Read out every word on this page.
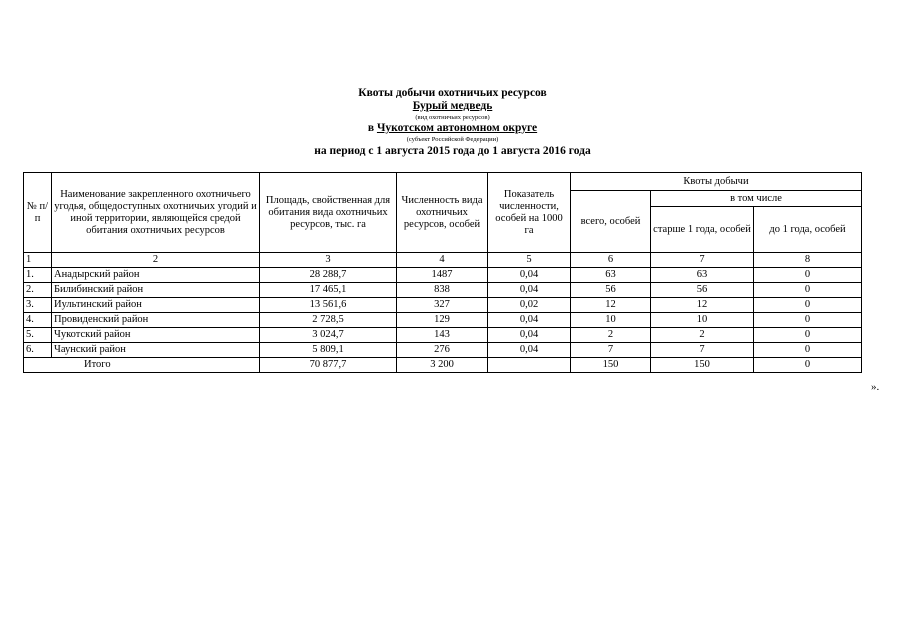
Квоты добычи охотничьих ресурсов
Бурый медведь
(вид охотничьих ресурсов)
в Чукотском автономном округе
(субъект Российской Федерации)
на период с 1 августа 2015 года до 1 августа 2016 года
№ п/п	Наименование закрепленного охотничьего угодья, общедоступных охотничьих угодий и иной территории, являющейся средой обитания охотничьих ресурсов	Площадь, свойственная для обитания вида охотничьих ресурсов, тыс. га	Численность вида охотничьих ресурсов, особей	Показатель численности, особей на 1000 га	Квоты добычи		
					всего, особей	в том числе	
						старше 1 года, особей	до 1 года, особей
1	2	3	4	5	6	7	8
1.	Анадырский район	28 288,7	1487	0,04	63	63	0
2.	Билибинский район	17 465,1	838	0,04	56	56	0
3.	Иультинский район	13 561,6	327	0,02	12	12	0
4.	Провиденский район	2 728,5	129	0,04	10	10	0
5.	Чукотский район	3 024,7	143	0,04	2	2	0
6.	Чаунский район	5 809,1	276	0,04	7	7	0
Итого		70 877,7	3 200		150	150	0
».
